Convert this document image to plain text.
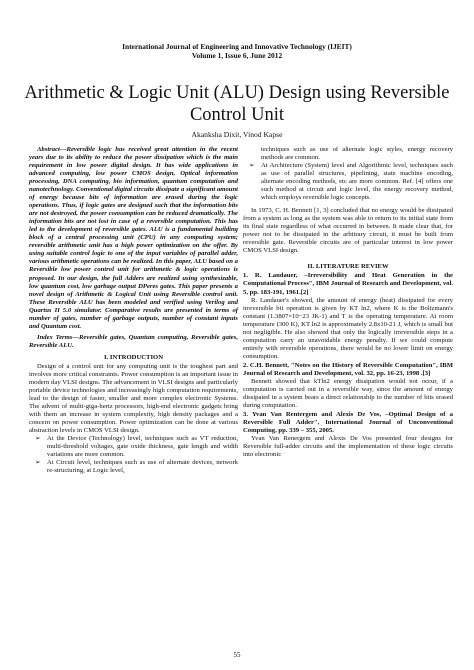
International Journal of Engineering and Innovative Technology (IJEIT)
Volume 1, Issue 6, June 2012
Arithmetic & Logic Unit (ALU) Design using Reversible Control Unit
Akanksha Dixit, Vinod Kapse

Abstract—Reversible logic has received great attention in the recent years due to its ability to reduce the power dissipation which is the main requirement in low power digital design. It has wide applications in advanced computing, low power CMOS design, Optical information processing, DNA computing, bio information, quantum computation and nanotechnology. Conventional digital circuits dissipate a significant amount of energy because bits of information are erased during the logic operations. Thus, if logic gates are designed such that the information bits are not destroyed, the power consumption can be reduced dramatically. The information bits are not lost in case of a reversible computation. This has led to the development of reversible gates. ALU is a fundamental building block of a central processing unit (CPU) in any computing system; reversible arithmetic unit has a high power optimization on the offer. By using suitable control logic to one of the input variables of parallel adder, various arithmetic operations can be realized. In this paper, ALU based on a Reversible low power control unit for arithmetic & logic operations is proposed. In our design, the full Adders are realized using synthesizable, low quantum cost, low garbage output DPeres gates. This paper presents a novel design of Arithmetic & Logical Unit using Reversible control unit. These Reversible ALU has been modeled and verified using Verilog and Quartus II 5.0 simulator. Comparative results are presented in terms of number of gates, number of garbage outputs, number of constant inputs and Quantum cost.

Index Terms—Reversible gates, Quantum computing, Reversible gates, Reversible ALU.

I. INTRODUCTION

Design of a control unit for any computing unit is the toughest part and involves more critical constraints. Power consumption is an important issue in modern day VLSI designs. The advancement in VLSI designs and particularly portable device technologies and increasingly high computation requirements, lead to the design of faster, smaller and more complex electronic Systems. The advent of multi-giga-hertz processors, high-end electronic gadgets bring with them an increase in system complexity, high density packages and a concern on power consumption. Power optimization can be done at various abstraction levels in CMOS VLSI design.

➢ At the Device (Technology) level, techniques such as VT reduction, multi-threshold voltages, gate oxide thickness, gate length and width variations are more common.
➢ At Circuit level, techniques such as use of alternate devices, network re-structuring, at Logic level,

techniques such as use of alternate logic styles, energy recovery methods are common.

➢ At Architecture (System) level and Algorithmic level, techniques such as use of parallel structures, pipelining, state machine encoding, alternate encoding methods, etc are more common. Ref. [4] offers one such method at circuit and logic level, the energy recovery method, which employs reversible logic concepts.

In 1973, C. H. Bennett [1, 3] concluded that no energy would be dissipated from a system as long as the system was able to return to its initial state from its final state regardless of what occurred in between. It made clear that, for power not to be dissipated in the arbitrary circuit, it must be built from reversible gate. Reversible circuits are of particular interest in low power CMOS VLSI design.

II. LITERATURE REVIEW

1. R. Landauer, –Irreversibility and Heat Generation in the Computational Process", IBM Journal of Research and Development, vol. 5, pp. 183-191, 1961.[2]

R. Landauer's showed, the amount of energy (heat) dissipated for every irreversible bit operation is given by KT ln2, where K is the Boltzmann's constant (1.3807×10−23 JK-1) and T is the operating temperature. At room temperature (300 K), KT ln2 is approximately 2.8x10-21 J, which is small but not negligible. He also showed that only the logically irreversible steps in a computation carry an unavoidable energy penalty. If we could compute entirely with reversible operations, there would be no lower limit on energy consumption.

2. C.H. Bennett, "Notes on the History of Reversible Computation", IBM Journal of Research and Development, vol. 32, pp. 16-23, 1998 .[3]

Bennett showed that kTln2 energy dissipation would not occur, if a computation is carried out in a reversible way, since the amount of energy dissipated in a system bears a direct relationship to the number of bits erased during computation.

3. Yvan Van Rentergem and Alexis De Vos, –Optimal Design of a Reversible Full Adder", International Journal of Unconventional Computing, pp. 339 – 355, 2005.

Yvan Van Renergem and Alexis De Vos presented four designs for Reversible full-adder circuits and the implementation of these logic circuits into electronic

55
